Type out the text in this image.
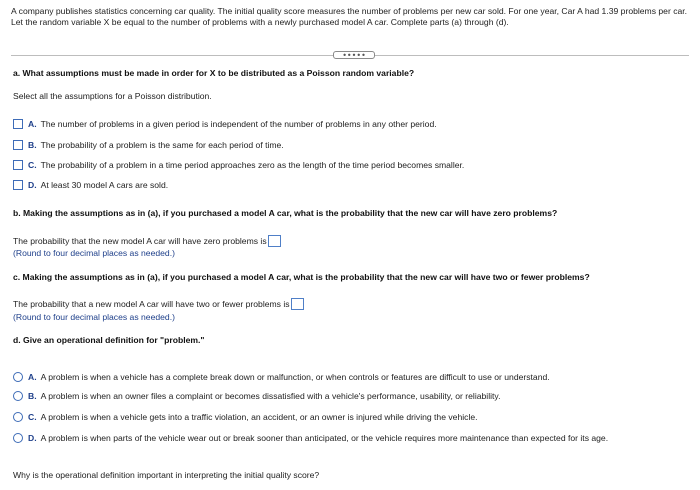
A company publishes statistics concerning car quality. The initial quality score measures the number of problems per new car sold. For one year, Car A had 1.39 problems per car. Let the random variable X be equal to the number of problems with a newly purchased model A car. Complete parts (a) through (d).
•••••
a. What assumptions must be made in order for X to be distributed as a Poisson random variable?
Select all the assumptions for a Poisson distribution.
A. The number of problems in a given period is independent of the number of problems in any other period.
B. The probability of a problem is the same for each period of time.
C. The probability of a problem in a time period approaches zero as the length of the time period becomes smaller.
D. At least 30 model A cars are sold.
b. Making the assumptions as in (a), if you purchased a model A car, what is the probability that the new car will have zero problems?
The probability that the new model A car will have zero problems is
(Round to four decimal places as needed.)
c. Making the assumptions as in (a), if you purchased a model A car, what is the probability that the new car will have two or fewer problems?
The probability that a new model A car will have two or fewer problems is
(Round to four decimal places as needed.)
d. Give an operational definition for "problem."
A. A problem is when a vehicle has a complete break down or malfunction, or when controls or features are difficult to use or understand.
B. A problem is when an owner files a complaint or becomes dissatisfied with a vehicle's performance, usability, or reliability.
C. A problem is when a vehicle gets into a traffic violation, an accident, or an owner is injured while driving the vehicle.
D. A problem is when parts of the vehicle wear out or break sooner than anticipated, or the vehicle requires more maintenance than expected for its age.
Why is the operational definition important in interpreting the initial quality score?
